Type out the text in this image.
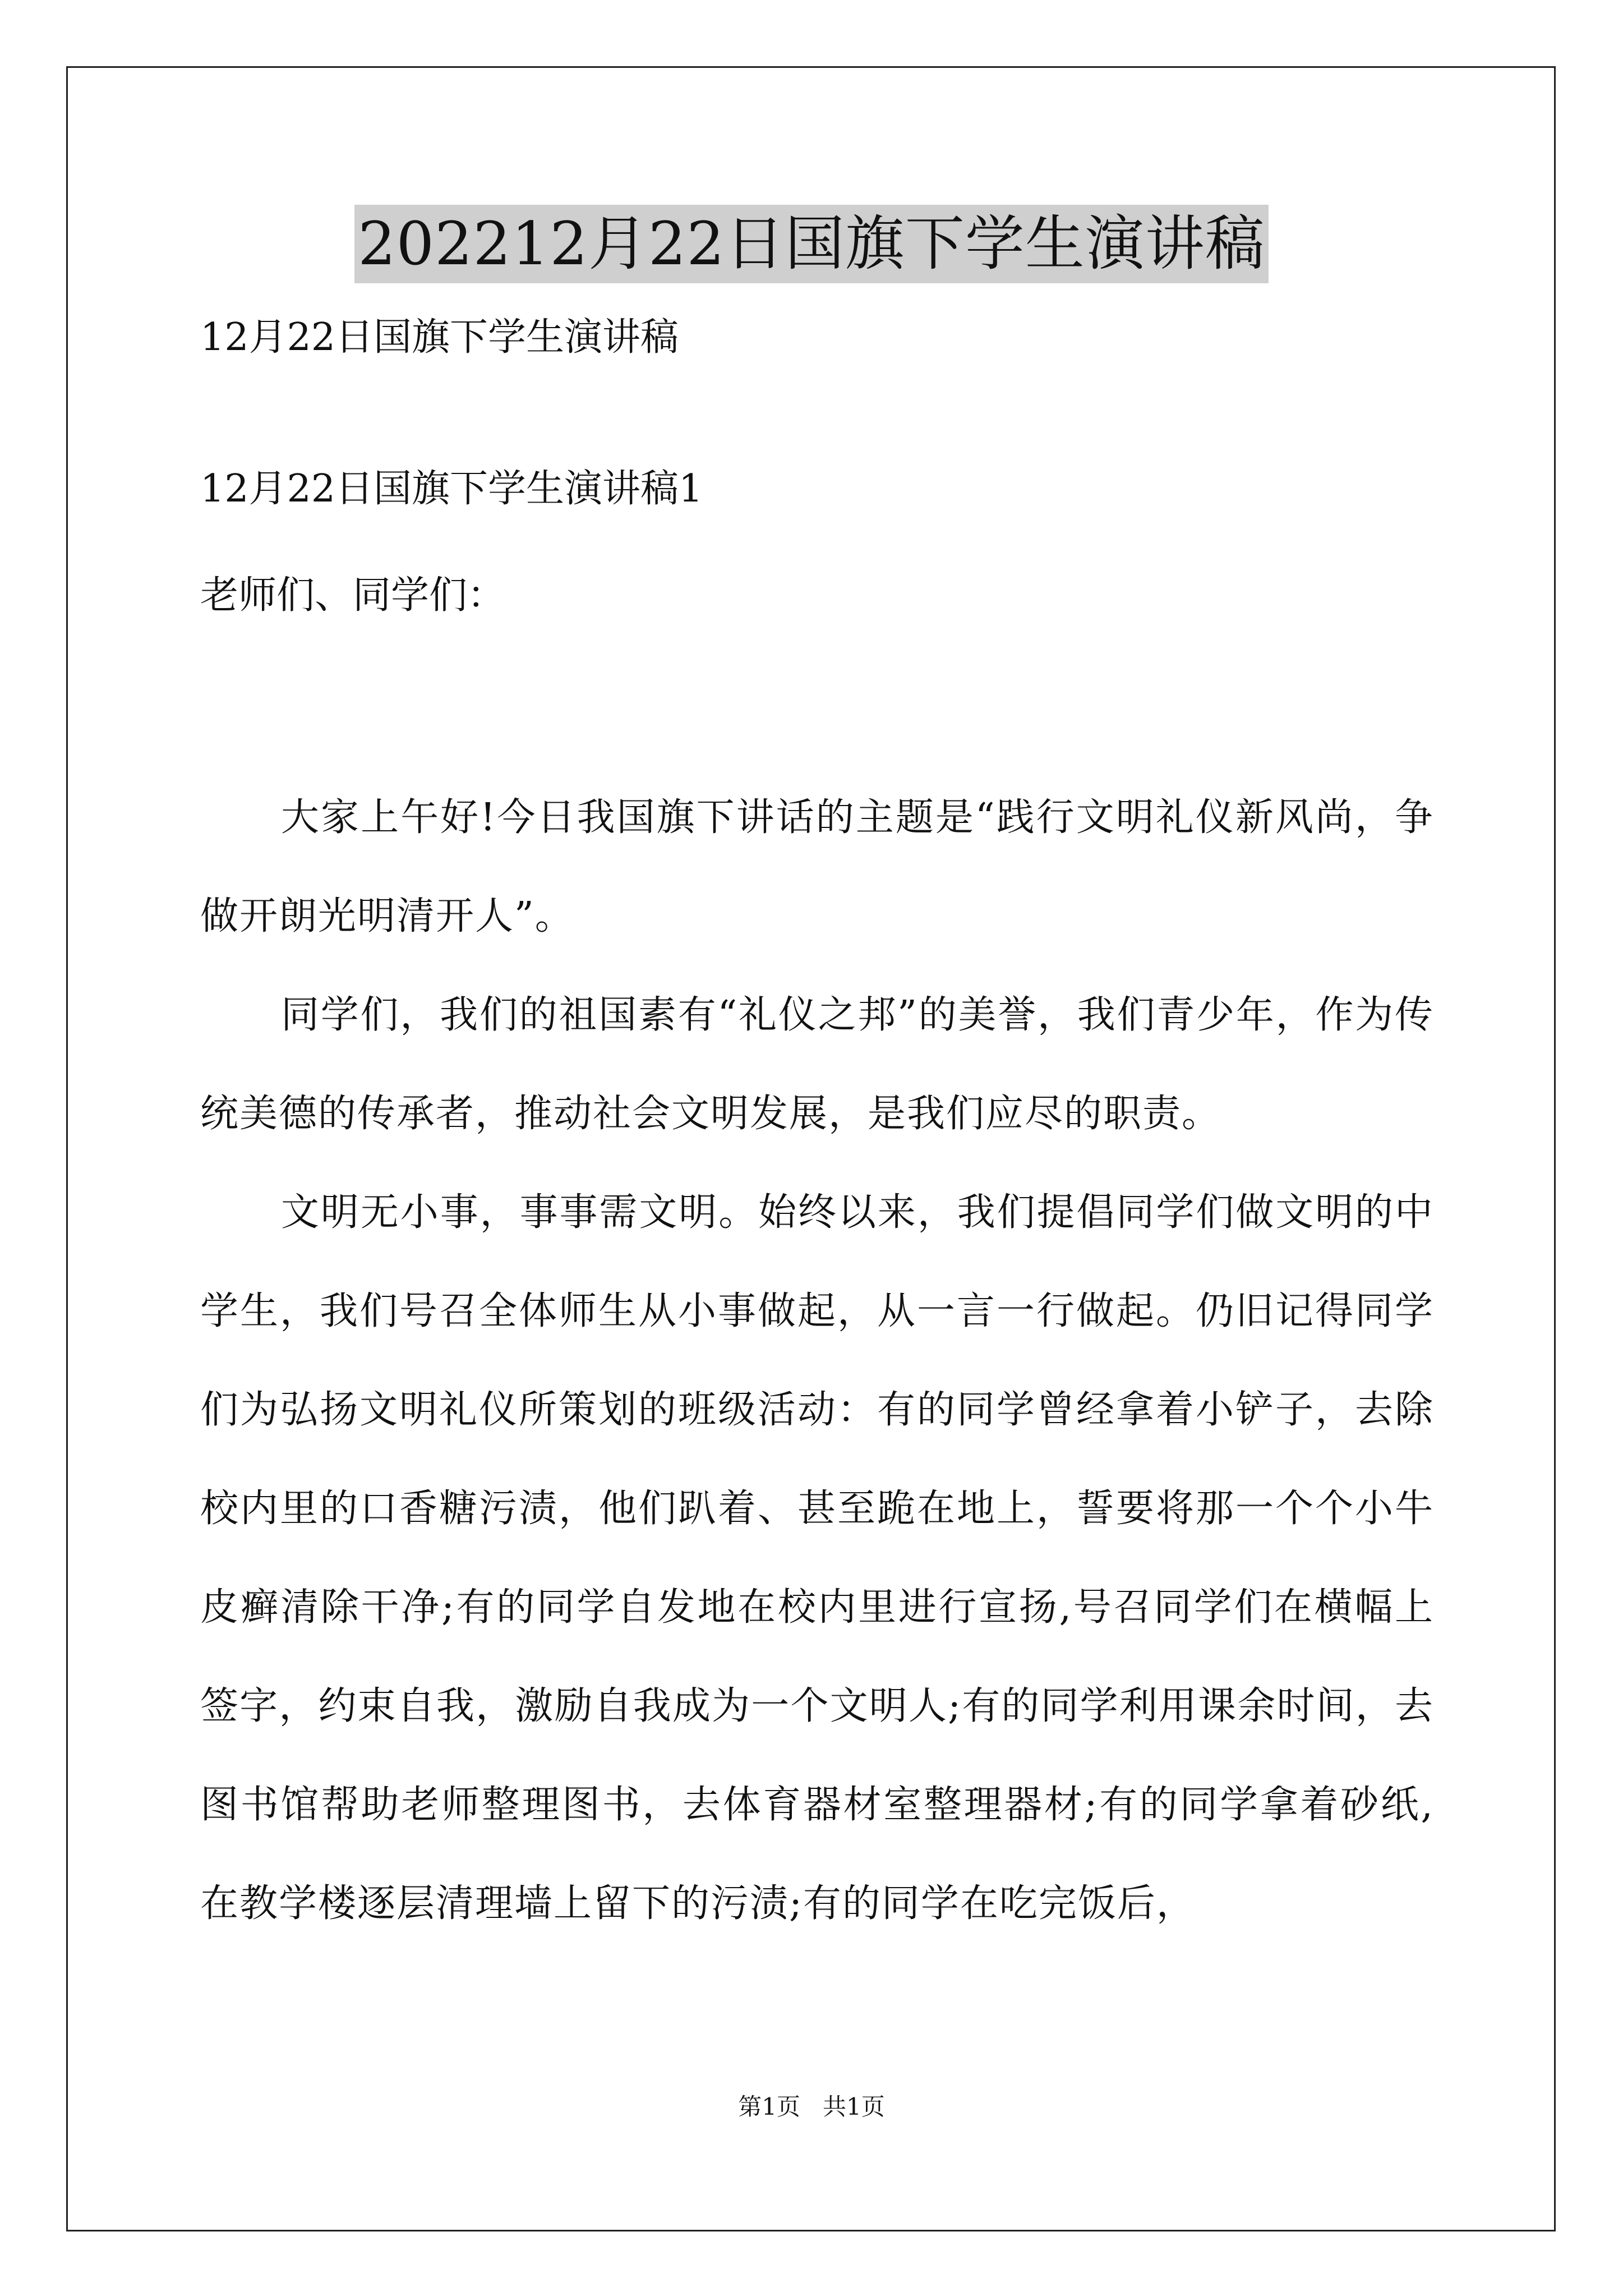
202212月22日国旗下学生演讲稿
12月22日国旗下学生演讲稿
12月22日国旗下学生演讲稿1
老师们、同学们：

大家上午好!今日我国旗下讲话的主题是“践行文明礼仪新风尚，争做开朗光明清开人”。

同学们，我们的祖国素有“礼仪之邦”的美誉，我们青少年，作为传统美德的传承者，推动社会文明发展，是我们应尽的职责。

文明无小事，事事需文明。始终以来，我们提倡同学们做文明的中学生，我们号召全体师生从小事做起，从一言一行做起。仍旧记得同学们为弘扬文明礼仪所策划的班级活动：有的同学曾经拿着小铲子，去除校内里的口香糖污渍，他们趴着、甚至跪在地上，誓要将那一个个小牛皮癣清除干净;有的同学自发地在校内里进行宣扬,号召同学们在横幅上签字，约束自我，激励自我成为一个文明人;有的同学利用课余时间，去图书馆帮助老师整理图书，去体育器材室整理器材;有的同学拿着砂纸,在教学楼逐层清理墙上留下的污渍;有的同学在吃完饭后，

第1页   共1页
